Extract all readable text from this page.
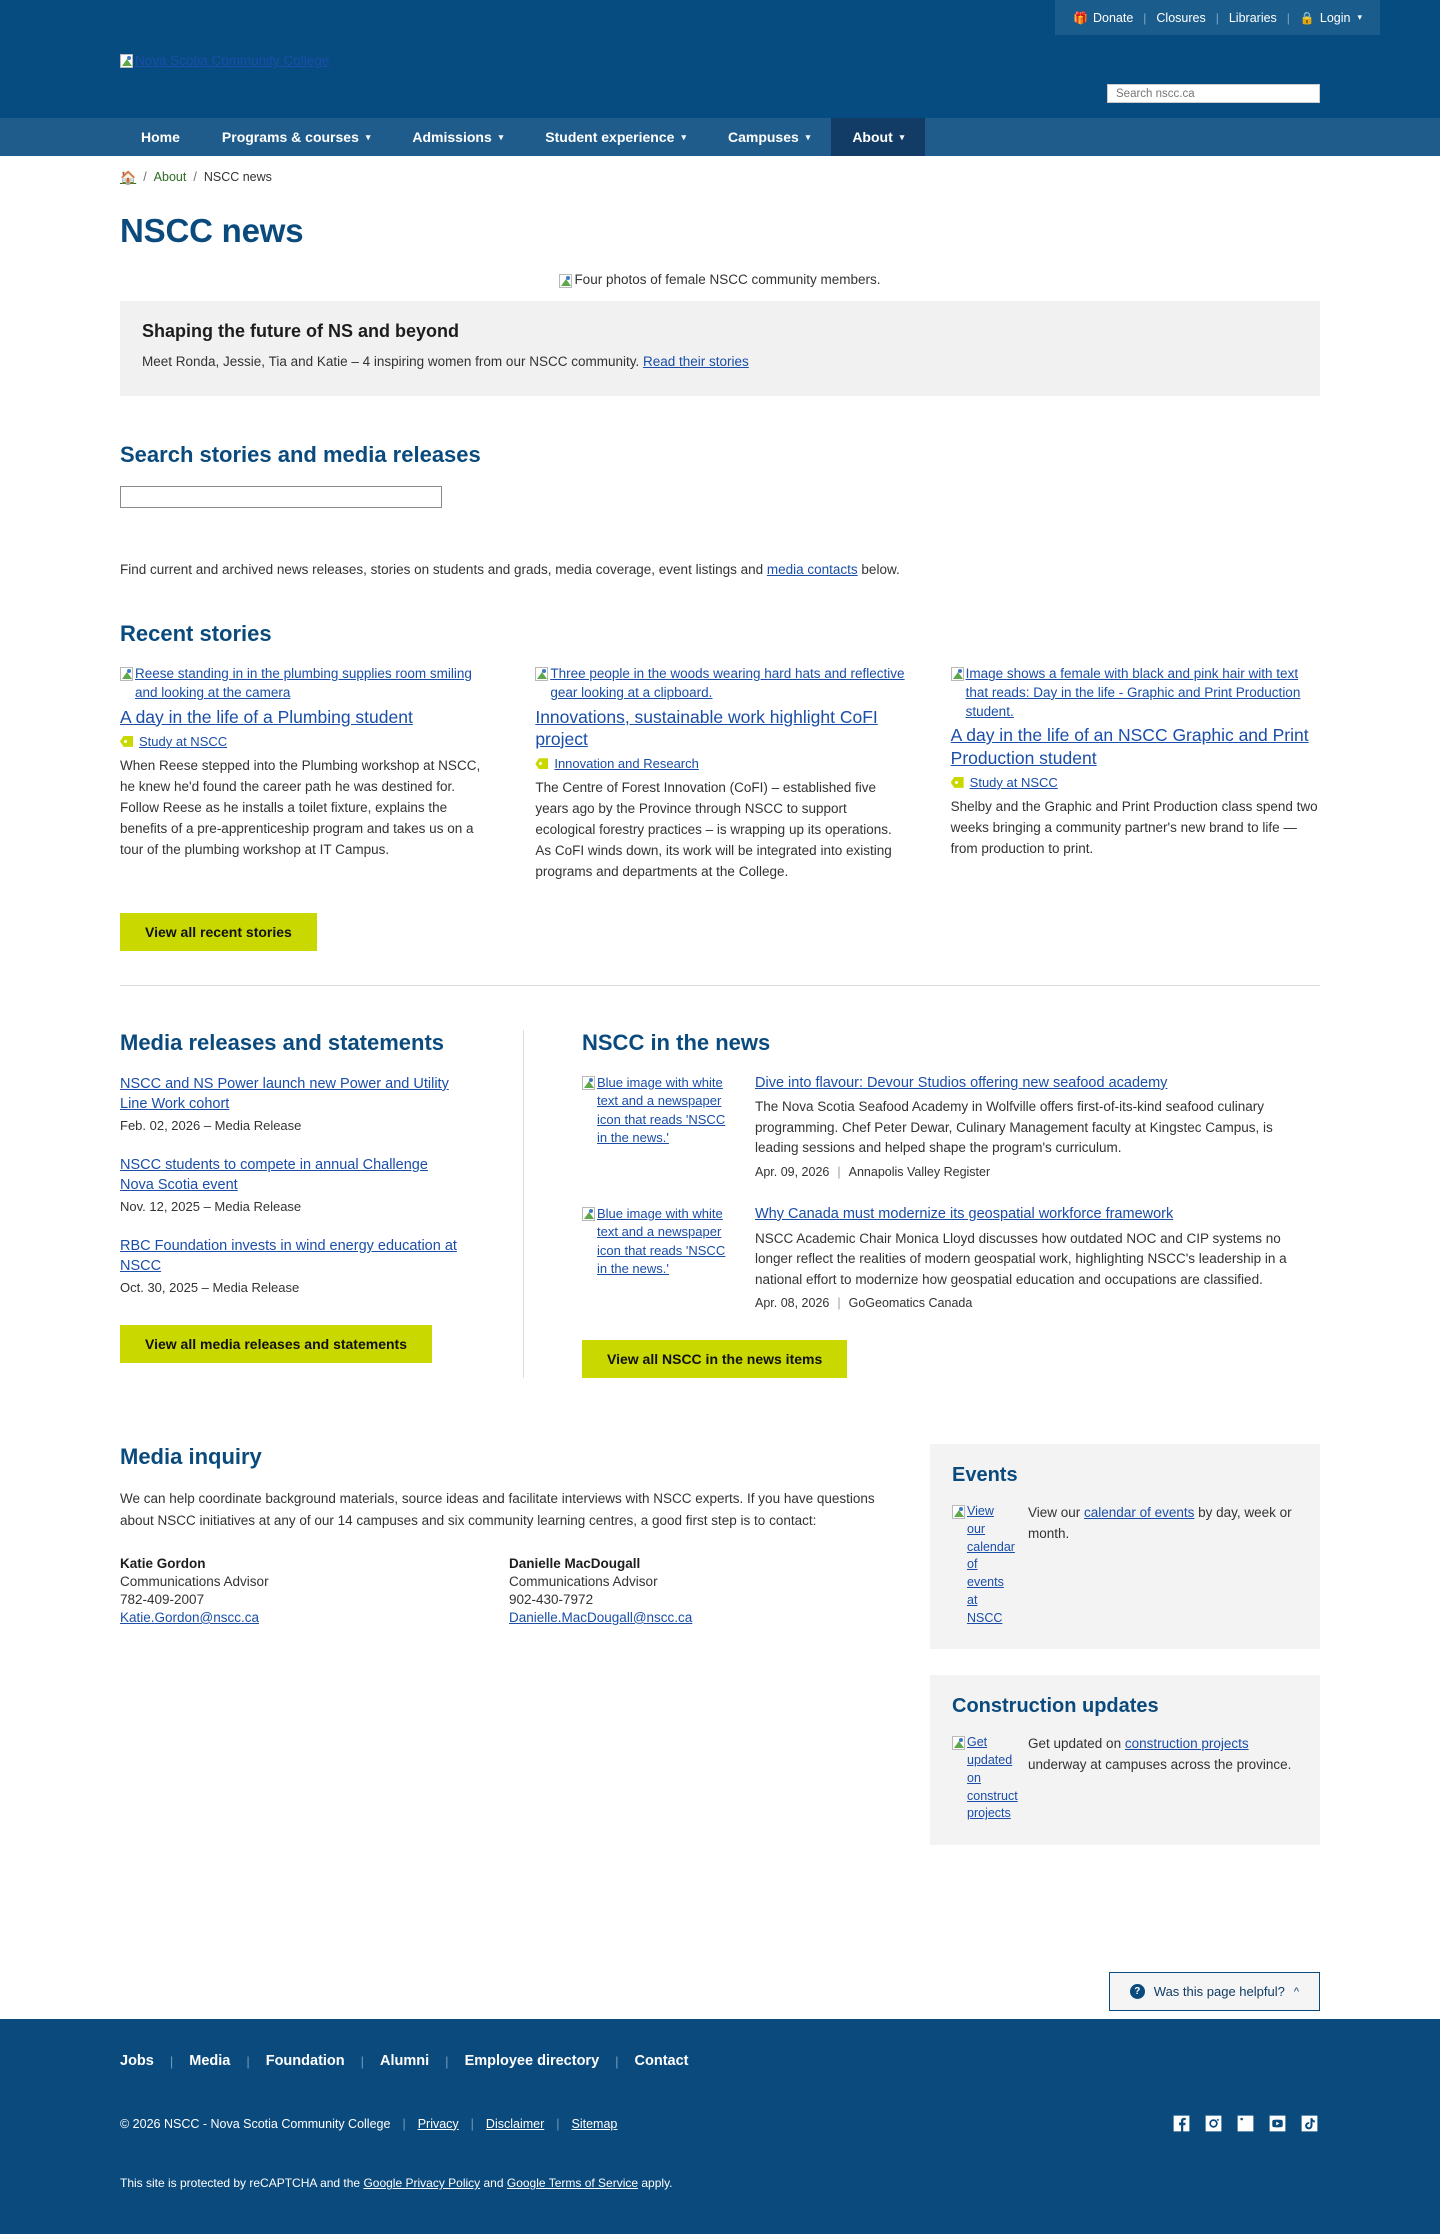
🎁 Donate | Closures | Libraries | 🔒 Login ▾
Nova Scotia Community College
Search nscc.ca
Home	Programs & courses ▾	Admissions ▾	Student experience ▾	Campuses ▾	About ▾
🏠 / About / NSCC news
NSCC news
Four photos of female NSCC community members.
Shaping the future of NS and beyond

Meet Ronda, Jessie, Tia and Katie – 4 inspiring women from our NSCC community. Read their stories

Search stories and media releases

Find current and archived news releases, stories on students and grads, media coverage, event listings and media contacts below.

Recent stories
Reese standing in in the plumbing supplies room smiling and looking at the camera
A day in the life of a Plumbing student
Study at NSCC

When Reese stepped into the Plumbing workshop at NSCC, he knew he'd found the career path he was destined for. Follow Reese as he installs a toilet fixture, explains the benefits of a pre-apprenticeship program and takes us on a tour of the plumbing workshop at IT Campus.

Three people in the woods wearing hard hats and reflective gear looking at a clipboard.
Innovations, sustainable work highlight CoFI project
Innovation and Research

The Centre of Forest Innovation (CoFI) – established five years ago by the Province through NSCC to support ecological forestry practices – is wrapping up its operations. As CoFI winds down, its work will be integrated into existing programs and departments at the College.

Image shows a female with black and pink hair with text that reads: Day in the life - Graphic and Print Production student.
A day in the life of an NSCC Graphic and Print Production student
Study at NSCC

Shelby and the Graphic and Print Production class spend two weeks bringing a community partner's new brand to life — from production to print.

View all recent stories
Media releases and statements
NSCC and NS Power launch new Power and Utility Line Work cohort
Feb. 02, 2026 – Media Release
NSCC students to compete in annual Challenge Nova Scotia event
Nov. 12, 2025 – Media Release
RBC Foundation invests in wind energy education at NSCC
Oct. 30, 2025 – Media Release
View all media releases and statements
NSCC in the news
Blue image with white text and a newspaper icon that reads 'NSCC in the news.'
Dive into flavour: Devour Studios offering new seafood academy

The Nova Scotia Seafood Academy in Wolfville offers first-of-its-kind seafood culinary programming. Chef Peter Dewar, Culinary Management faculty at Kingstec Campus, is leading sessions and helped shape the program's curriculum.

Apr. 09, 2026 | Annapolis Valley Register
Blue image with white text and a newspaper icon that reads 'NSCC in the news.'
Why Canada must modernize its geospatial workforce framework

NSCC Academic Chair Monica Lloyd discusses how outdated NOC and CIP systems no longer reflect the realities of modern geospatial work, highlighting NSCC's leadership in a national effort to modernize how geospatial education and occupations are classified.

Apr. 08, 2026 | GoGeomatics Canada
View all NSCC in the news items
Media inquiry

We can help coordinate background materials, source ideas and facilitate interviews with NSCC experts. If you have questions about NSCC initiatives at any of our 14 campuses and six community learning centres, a good first step is to contact:

Katie Gordon
Communications Advisor
782-409-2007
Katie.Gordon@nscc.ca
Danielle MacDougall
Communications Advisor
902-430-7972
Danielle.MacDougall@nscc.ca
Events
View our calendar of events at NSCC
View our calendar of events by day, week or month.
Construction updates
Get updated on construct projects
Get updated on construction projects underway at campuses across the province.
?	Was this page helpful? ^
Jobs	|	Media	|	Foundation	|	Alumni	|	Employee directory	|	Contact
© 2026 NSCC - Nova Scotia Community College | Privacy | Disclaimer | Sitemap
This site is protected by reCAPTCHA and the Google Privacy Policy and Google Terms of Service apply.
